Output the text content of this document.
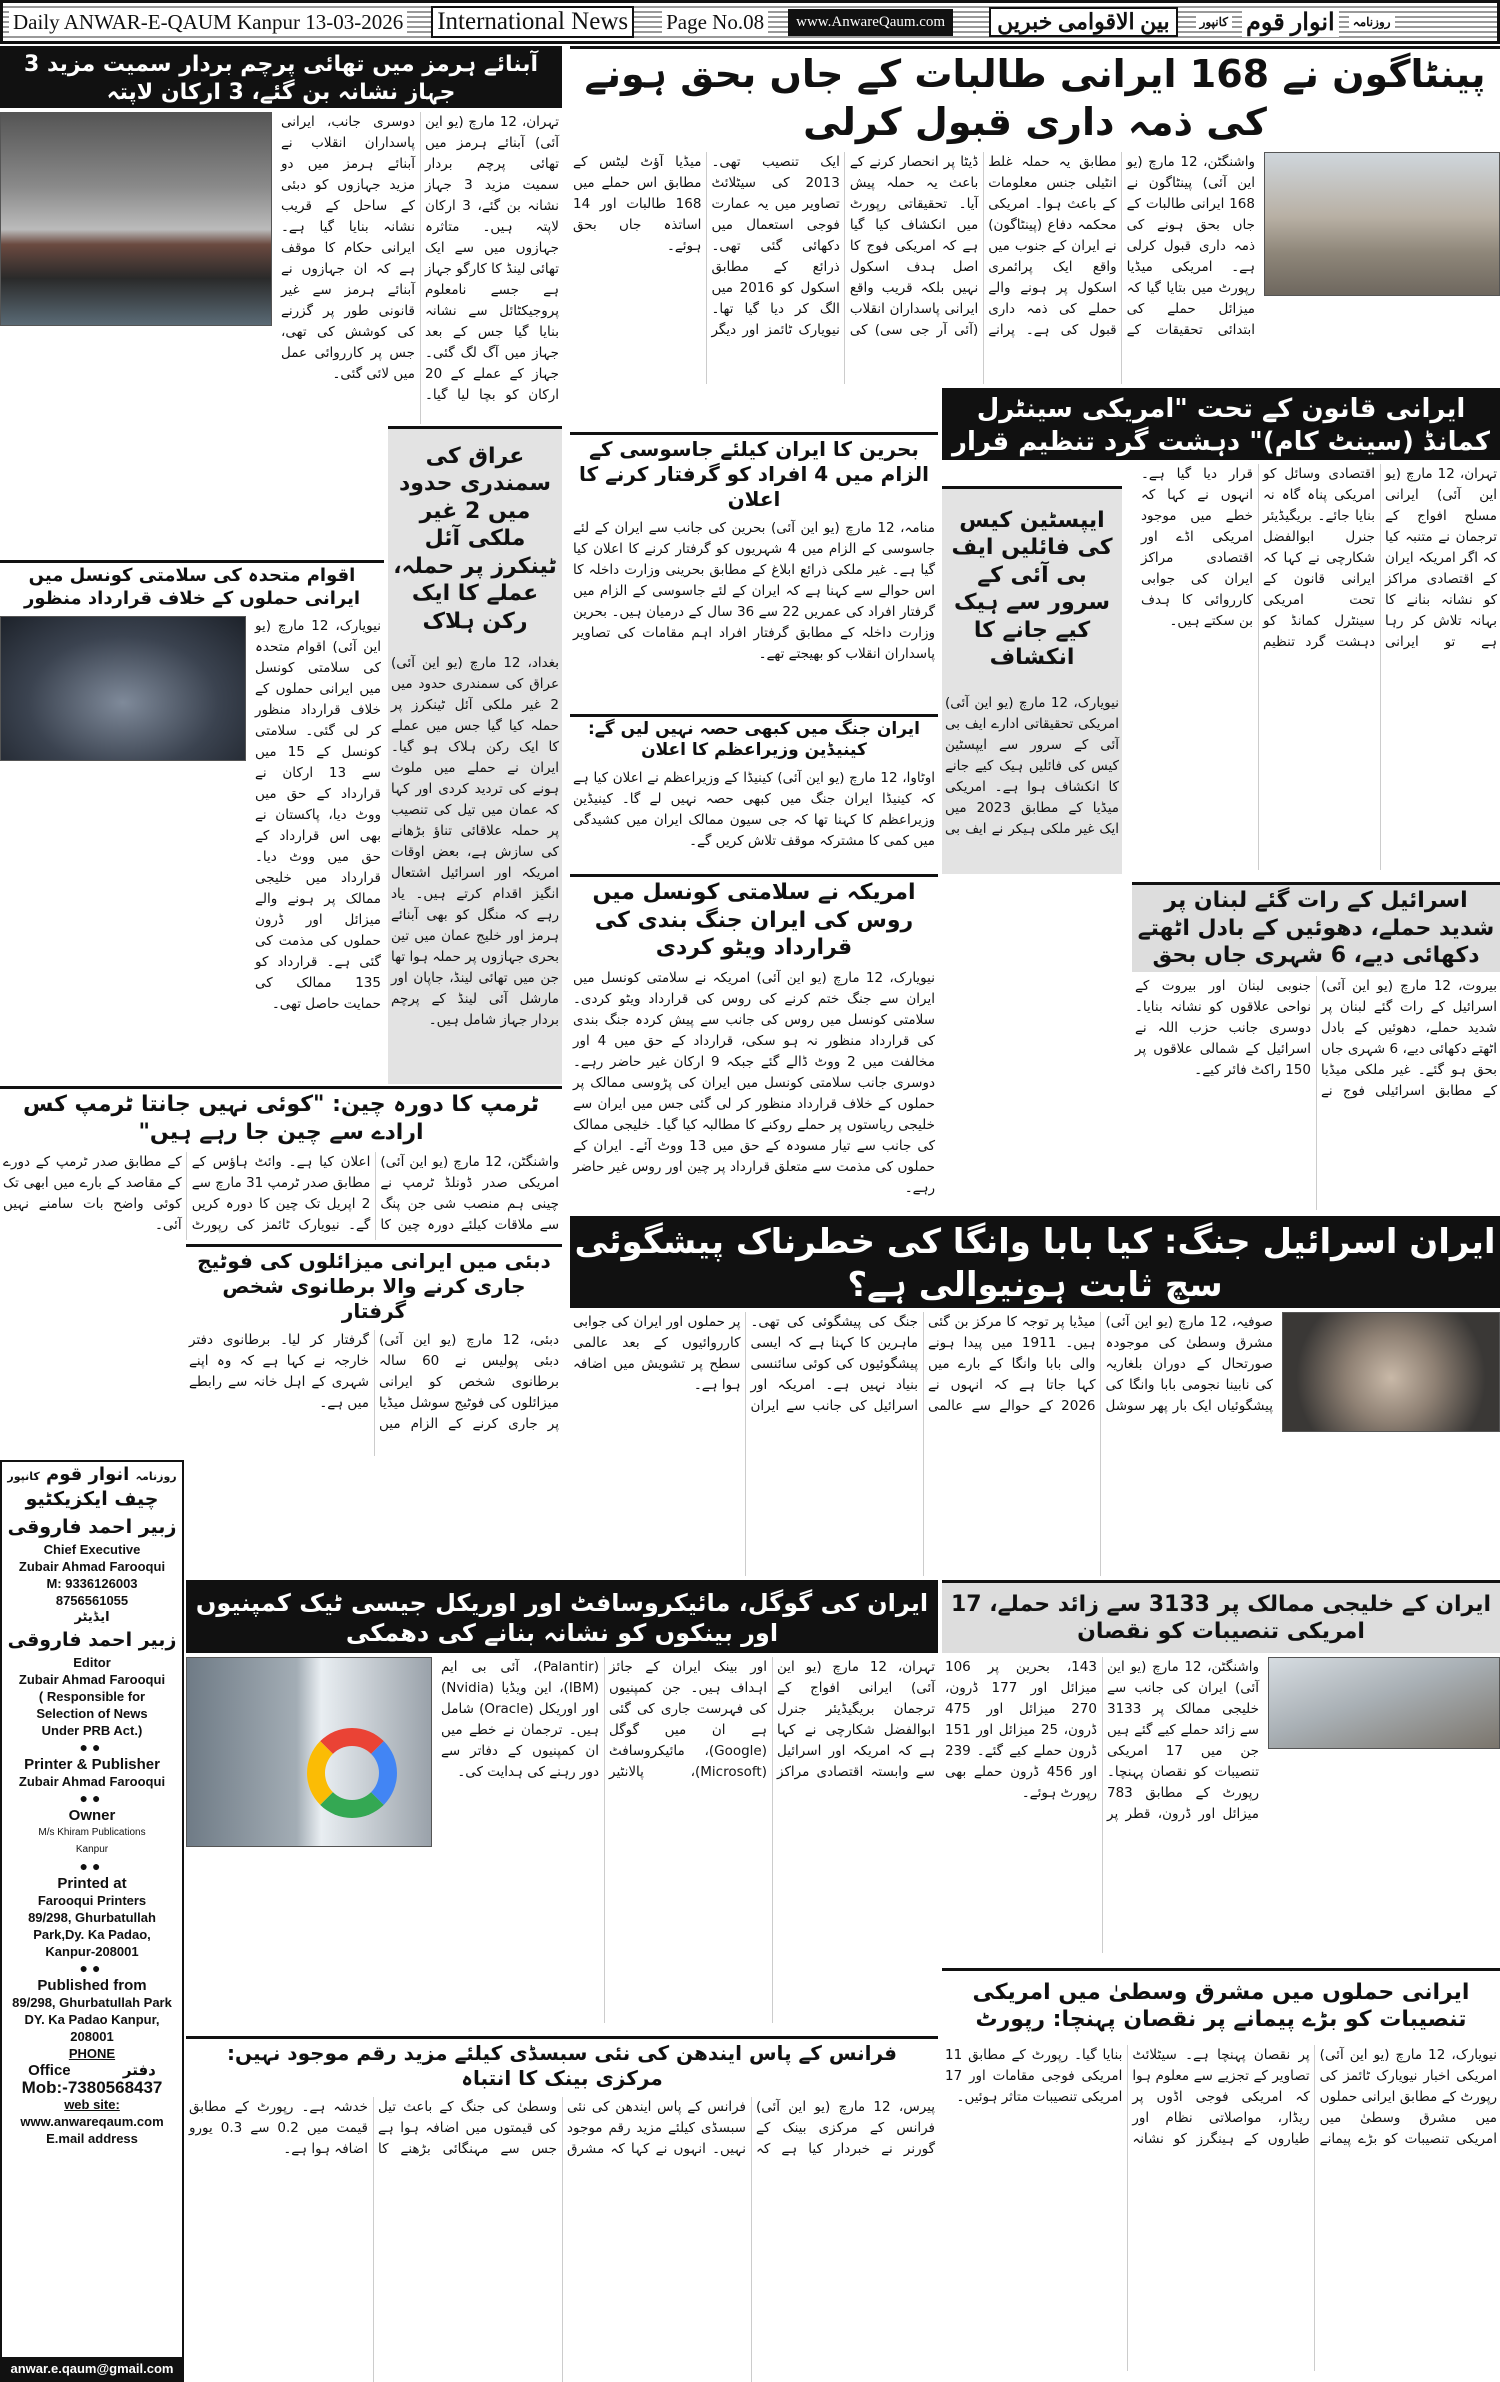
Daily ANWAR-E-QAUM Kanpur 13-03-2026 International News Page No.08	www.AnwareQaum.com	بین الاقوامی خبریں	کانپور انوار قوم	روزنامہ
پینٹاگون نے 168 ایرانی طالبات کے جاں بحق ہونے کی ذمہ داری قبول کرلی
واشنگٹن، 12 مارچ (یو این آئی) پینٹاگون نے 168 ایرانی طالبات کے جاں بحق ہونے کی ذمہ داری قبول کرلی ہے۔ امریکی میڈیا رپورٹ میں بتایا گیا کہ میزائل حملے کی ابتدائی تحقیقات کے مطابق یہ حملہ غلط انٹیلی جنس معلومات کے باعث ہوا۔ امریکی محکمہ دفاع (پینٹاگون) نے ایران کے جنوب میں واقع ایک پرائمری اسکول پر ہونے والے حملے کی ذمہ داری قبول کی ہے۔ پرانے ڈیٹا پر انحصار کرنے کے باعث یہ حملہ پیش آیا۔ تحقیقاتی رپورٹ میں انکشاف کیا گیا ہے کہ امریکی فوج کا اصل ہدف اسکول نہیں بلکہ قریب واقع ایرانی پاسداران انقلاب (آئی آر جی سی) کی ایک تنصیب تھی۔ 2013 کی سیٹلائٹ تصاویر میں یہ عمارت فوجی استعمال میں دکھائی گئی تھی۔ ذرائع کے مطابق اسکول کو 2016 میں الگ کر دیا گیا تھا۔ نیویارک ٹائمز اور دیگر میڈیا آؤٹ لیٹس کے مطابق اس حملے میں 168 طالبات اور 14 اساتذہ جاں بحق ہوئے۔
آبنائے ہرمز میں تھائی پرچم بردار سمیت مزید 3 جہاز نشانہ بن گئے، 3 ارکان لاپتہ
تہران، 12 مارچ (یو این آئی) آبنائے ہرمز میں تھائی پرچم بردار سمیت مزید 3 جہاز نشانہ بن گئے، 3 ارکان لاپتہ ہیں۔ متاثرہ جہازوں میں سے ایک تھائی لینڈ کا کارگو جہاز ہے جسے نامعلوم پروجیکٹائل سے نشانہ بنایا گیا جس کے بعد جہاز میں آگ لگ گئی۔ جہاز کے عملے کے 20 ارکان کو بچا لیا گیا۔ دوسری جانب، ایرانی پاسداران انقلاب نے آبنائے ہرمز میں دو مزید جہازوں کو دبئی کے ساحل کے قریب نشانہ بنایا گیا ہے۔ ایرانی حکام کا موقف ہے کہ ان جہازوں نے آبنائے ہرمز سے غیر قانونی طور پر گزرنے کی کوشش کی تھی، جس پر کارروائی عمل میں لائی گئی۔
ایرانی قانون کے تحت "امریکی سینٹرل کمانڈ (سینٹ کام)" دہشت گرد تنظیم قرار
تہران، 12 مارچ (یو این آئی) ایرانی مسلح افواج کے ترجمان نے متنبہ کیا کہ اگر امریکہ ایران کے اقتصادی مراکز کو نشانہ بنانے کا بہانہ تلاش کر رہا ہے تو ایرانی اقتصادی وسائل کو امریکی پناہ گاہ نہ بنایا جائے۔ بریگیڈیئر جنرل ابوالفضل شکارچی نے کہا کہ ایرانی قانون کے تحت امریکی سینٹرل کمانڈ کو دہشت گرد تنظیم قرار دیا گیا ہے۔ انہوں نے کہا کہ خطے میں موجود امریکی اڈے اور اقتصادی مراکز ایران کی جوابی کارروائی کا ہدف بن سکتے ہیں۔
بحرین کا ایران کیلئے جاسوسی کے الزام میں 4 افراد کو گرفتار کرنے کا اعلان
منامہ، 12 مارچ (یو این آئی) بحرین کی جانب سے ایران کے لئے جاسوسی کے الزام میں 4 شہریوں کو گرفتار کرنے کا اعلان کیا گیا ہے۔ غیر ملکی ذرائع ابلاغ کے مطابق بحرینی وزارت داخلہ کا اس حوالے سے کہنا ہے کہ ایران کے لئے جاسوسی کے الزام میں گرفتار افراد کی عمریں 22 سے 36 سال کے درمیان ہیں۔ بحرین وزارت داخلہ کے مطابق گرفتار افراد اہم مقامات کی تصاویر پاسداران انقلاب کو بھیجتے تھے۔
عراق کی سمندری حدود میں 2 غیر ملکی آئل ٹینکرز پر حملہ، عملے کا ایک رکن ہلاک
بغداد، 12 مارچ (یو این آئی) عراق کی سمندری حدود میں 2 غیر ملکی آئل ٹینکرز پر حملہ کیا گیا جس میں عملے کا ایک رکن ہلاک ہو گیا۔ ایران نے حملے میں ملوث ہونے کی تردید کردی اور کہا کہ عمان میں تیل کی تنصیب پر حملہ علاقائی تناؤ بڑھانے کی سازش ہے، بعض اوقات امریکہ اور اسرائیل اشتعال انگیز اقدام کرتے ہیں۔ یاد رہے کہ منگل کو بھی آبنائے ہرمز اور خلیج عمان میں تین بحری جہازوں پر حملہ ہوا تھا جن میں تھائی لینڈ، جاپان اور مارشل آئی لینڈ کے پرچم بردار جہاز شامل ہیں۔
اقوام متحدہ کی سلامتی کونسل میں ایرانی حملوں کے خلاف قرارداد منظور
نیویارک، 12 مارچ (یو این آئی) اقوام متحدہ کی سلامتی کونسل میں ایرانی حملوں کے خلاف قرارداد منظور کر لی گئی۔ سلامتی کونسل کے 15 میں سے 13 ارکان نے قرارداد کے حق میں ووٹ دیا، پاکستان نے بھی اس قرارداد کے حق میں ووٹ دیا۔ قرارداد میں خلیجی ممالک پر ہونے والے میزائل اور ڈرون حملوں کی مذمت کی گئی ہے۔ قرارداد کو 135 ممالک کی حمایت حاصل تھی۔
ایپسٹین کیس کی فائلیں ایف بی آئی کے سرور سے ہیک کیے جانے کا انکشاف
نیویارک، 12 مارچ (یو این آئی) امریکی تحقیقاتی ادارے ایف بی آئی کے سرور سے ایپسٹین کیس کی فائلیں ہیک کیے جانے کا انکشاف ہوا ہے۔ امریکی میڈیا کے مطابق 2023 میں ایک غیر ملکی ہیکر نے ایف بی
ایران جنگ میں کبھی حصہ نہیں لیں گے: کینیڈین وزیراعظم کا اعلان
اوٹاوا، 12 مارچ (یو این آئی) کینیڈا کے وزیراعظم نے اعلان کیا ہے کہ کینیڈا ایران جنگ میں کبھی حصہ نہیں لے گا۔ کینیڈین وزیراعظم کا کہنا تھا کہ جی سیون ممالک ایران میں کشیدگی میں کمی کا مشترکہ موقف تلاش کریں گے۔
امریکہ نے سلامتی کونسل میں روس کی ایران جنگ بندی کی قرارداد ویٹو کردی
نیویارک، 12 مارچ (یو این آئی) امریکہ نے سلامتی کونسل میں ایران سے جنگ ختم کرنے کی روس کی قرارداد ویٹو کردی۔ سلامتی کونسل میں روس کی جانب سے پیش کردہ جنگ بندی کی قرارداد منظور نہ ہو سکی، قرارداد کے حق میں 4 اور مخالفت میں 2 ووٹ ڈالے گئے جبکہ 9 ارکان غیر حاضر رہے۔ دوسری جانب سلامتی کونسل میں ایران کی پڑوسی ممالک پر حملوں کے خلاف قرارداد منظور کر لی گئی جس میں ایران سے خلیجی ریاستوں پر حملے روکنے کا مطالبہ کیا گیا۔ خلیجی ممالک کی جانب سے تیار مسودہ کے حق میں 13 ووٹ آئے۔ ایران کے حملوں کی مذمت سے متعلق قرارداد پر چین اور روس غیر حاضر رہے۔
اسرائیل کے رات گئے لبنان پر شدید حملے، دھوئیں کے بادل اٹھتے دکھائی دیے، 6 شہری جاں بحق
بیروت، 12 مارچ (یو این آئی) اسرائیل کے رات گئے لبنان پر شدید حملے، دھوئیں کے بادل اٹھتے دکھائی دیے، 6 شہری جاں بحق ہو گئے۔ غیر ملکی میڈیا کے مطابق اسرائیلی فوج نے جنوبی لبنان اور بیروت کے نواحی علاقوں کو نشانہ بنایا۔ دوسری جانب حزب اللہ نے اسرائیل کے شمالی علاقوں پر 150 راکٹ فائر کیے۔
ٹرمپ کا دورہ چین: "کوئی نہیں جانتا ٹرمپ کس ارادے سے چین جا رہے ہیں"
واشنگٹن، 12 مارچ (یو این آئی) امریکی صدر ڈونلڈ ٹرمپ نے چینی ہم منصب شی جن پنگ سے ملاقات کیلئے دورہ چین کا اعلان کیا ہے۔ وائٹ ہاؤس کے مطابق صدر ٹرمپ 31 مارچ سے 2 اپریل تک چین کا دورہ کریں گے۔ نیویارک ٹائمز کی رپورٹ کے مطابق صدر ٹرمپ کے دورے کے مقاصد کے بارے میں ابھی تک کوئی واضح بات سامنے نہیں آئی۔
دبئی میں ایرانی میزائلوں کی فوٹیج جاری کرنے والا برطانوی شخص گرفتار
دبئی، 12 مارچ (یو این آئی) دبئی پولیس نے 60 سالہ برطانوی شخص کو ایرانی میزائلوں کی فوٹیج سوشل میڈیا پر جاری کرنے کے الزام میں گرفتار کر لیا۔ برطانوی دفتر خارجہ نے کہا ہے کہ وہ اپنے شہری کے اہل خانہ سے رابطے میں ہے۔
ایران اسرائیل جنگ: کیا بابا وانگا کی خطرناک پیشگوئی سچ ثابت ہونیوالی ہے؟
صوفیہ، 12 مارچ (یو این آئی) مشرق وسطیٰ کی موجودہ صورتحال کے دوران بلغاریہ کی نابینا نجومی بابا وانگا کی پیشگوئیاں ایک بار پھر سوشل میڈیا پر توجہ کا مرکز بن گئی ہیں۔ 1911 میں پیدا ہونے والی بابا وانگا کے بارے میں کہا جاتا ہے کہ انہوں نے 2026 کے حوالے سے عالمی جنگ کی پیشگوئی کی تھی۔ ماہرین کا کہنا ہے کہ ایسی پیشگوئیوں کی کوئی سائنسی بنیاد نہیں ہے۔ امریکہ اور اسرائیل کی جانب سے ایران پر حملوں اور ایران کی جوابی کارروائیوں کے بعد عالمی سطح پر تشویش میں اضافہ ہوا ہے۔
ایران کے خلیجی ممالک پر 3133 سے زائد حملے، 17 امریکی تنصیبات کو نقصان
واشنگٹن، 12 مارچ (یو این آئی) ایران کی جانب سے خلیجی ممالک پر 3133 سے زائد حملے کیے گئے ہیں جن میں 17 امریکی تنصیبات کو نقصان پہنچا۔ رپورٹ کے مطابق 783 میزائل اور ڈرون، قطر پر 143، بحرین پر 106 میزائل اور 177 ڈرون، 270 میزائل اور 475 ڈرون، 25 میزائل اور 151 ڈرون حملے کیے گئے۔ 239 اور 456 ڈرون حملے بھی رپورٹ ہوئے۔
ایران کی گوگل، مائیکروسافٹ اور اوریکل جیسی ٹیک کمپنیوں اور بینکوں کو نشانہ بنانے کی دھمکی
تہران، 12 مارچ (یو این آئی) ایرانی افواج کے ترجمان بریگیڈیئر جنرل ابوالفضل شکارچی نے کہا ہے کہ امریکہ اور اسرائیل سے وابستہ اقتصادی مراکز اور بینک ایران کے جائز اہداف ہیں۔ جن کمپنیوں کی فہرست جاری کی گئی ہے ان میں گوگل (Google)، مائیکروسافٹ (Microsoft)، پالانٹیر (Palantir)، آئی بی ایم (IBM)، این ویڈیا (Nvidia) اور اوریکل (Oracle) شامل ہیں۔ ترجمان نے خطے میں ان کمپنیوں کے دفاتر سے دور رہنے کی ہدایت کی۔
ایرانی حملوں میں مشرق وسطیٰ میں امریکی تنصیبات کو بڑے پیمانے پر نقصان پہنچا: رپورٹ
نیویارک، 12 مارچ (یو این آئی) امریکی اخبار نیویارک ٹائمز کی رپورٹ کے مطابق ایرانی حملوں میں مشرق وسطیٰ میں امریکی تنصیبات کو بڑے پیمانے پر نقصان پہنچا ہے۔ سیٹلائٹ تصاویر کے تجزیے سے معلوم ہوا کہ امریکی فوجی اڈوں پر ریڈار، مواصلاتی نظام اور طیاروں کے ہینگرز کو نشانہ بنایا گیا۔ رپورٹ کے مطابق 11 امریکی فوجی مقامات اور 17 امریکی تنصیبات متاثر ہوئیں۔
فرانس کے پاس ایندھن کی نئی سبسڈی کیلئے مزید رقم موجود نہیں: مرکزی بینک کا انتباہ
پیرس، 12 مارچ (یو این آئی) فرانس کے مرکزی بینک کے گورنر نے خبردار کیا ہے کہ فرانس کے پاس ایندھن کی نئی سبسڈی کیلئے مزید رقم موجود نہیں۔ انہوں نے کہا کہ مشرق وسطیٰ کی جنگ کے باعث تیل کی قیمتوں میں اضافہ ہوا ہے جس سے مہنگائی بڑھنے کا خدشہ ہے۔ رپورٹ کے مطابق قیمت میں 0.2 سے 0.3 یورو اضافہ ہوا ہے۔
روزنامہ انوار قوم کانپور
چیف ایکزیکٹیو
زبیر احمد فاروقی
Chief Executive
Zubair Ahmad Farooqui
M: 9336126003
8756561055
ایڈیٹر
زبیر احمد فاروقی
Editor
Zubair Ahmad Farooqui
( Responsible for Selection of News Under PRB Act.)
●●
Printer & Publisher
Zubair Ahmad Farooqui
●●
Owner
M/s Khiram Publications
Kanpur
●●
Printed at
Farooqui Printers
89/298, Ghurbatullah Park,Dy. Ka Padao, Kanpur-208001
●●
Published from
89/298, Ghurbatullah Park DY. Ka Padao Kanpur, 208001
PHONE
Office	دفتر
Mob:-7380568437
web site:
www.anwareqaum.com
E.mail address
anwar.e.qaum@gmail.com
